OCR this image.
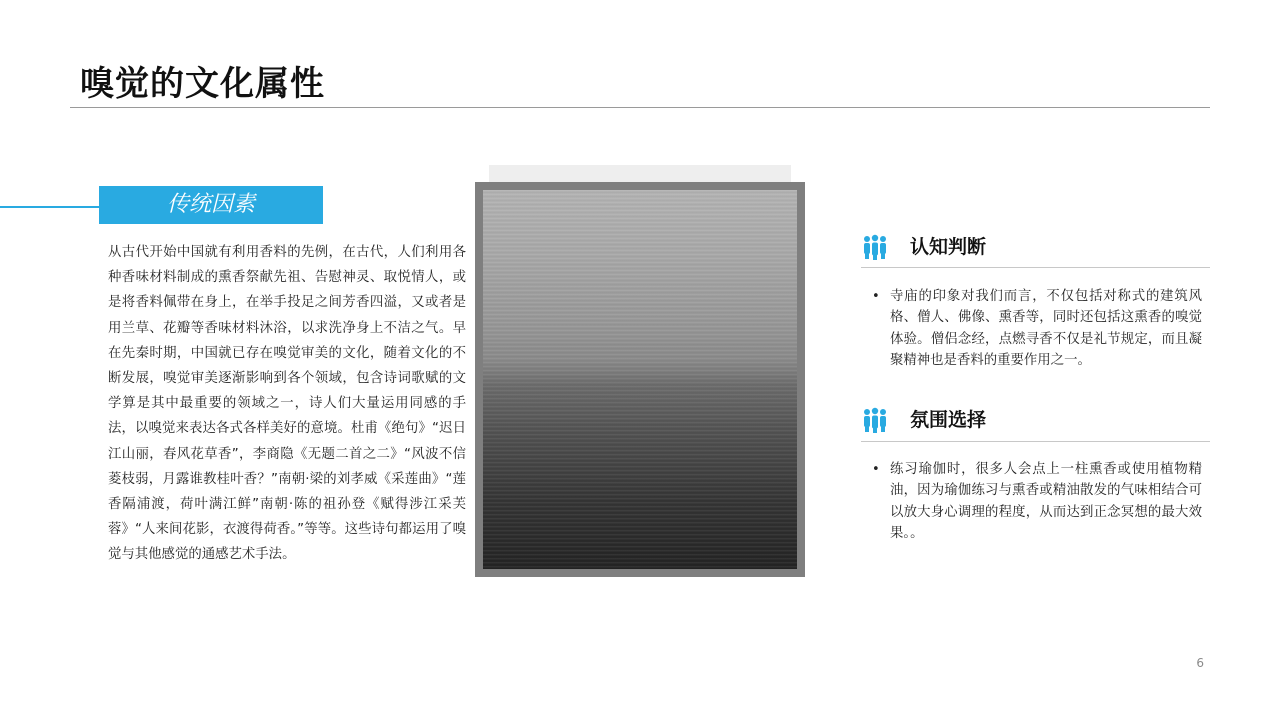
嗅觉的文化属性
传统因素

从古代开始中国就有利用香料的先例，在古代，人们利用各种香味材料制成的熏香祭献先祖、告慰神灵、取悦情人，或是将香料佩带在身上，在举手投足之间芳香四溢，又或者是用兰草、花瓣等香味材料沐浴，以求洗净身上不洁之气。早在先秦时期，中国就已存在嗅觉审美的文化，随着文化的不断发展，嗅觉审美逐渐影响到各个领域，包含诗词歌赋的文学算是其中最重要的领域之一，诗人们大量运用同感的手法，以嗅觉来表达各式各样美好的意境。杜甫《绝句》“迟日江山丽，春风花草香”，李商隐《无题二首之二》“风波不信菱枝弱，月露谁教桂叶香？”南朝·梁的刘孝威《采莲曲》“莲香隔浦渡，荷叶满江鲜”南朝·陈的祖孙登《赋得涉江采芙蓉》“人来间花影，衣渡得荷香。”等等。这些诗句都运用了嗅觉与其他感觉的通感艺术手法。

认知判断
• 寺庙的印象对我们而言，不仅包括对称式的建筑风格、僧人、佛像、熏香等，同时还包括这熏香的嗅觉体验。僧侣念经，点燃寻香不仅是礼节规定，而且凝聚精神也是香料的重要作用之一。

氛围选择
• 练习瑜伽时，很多人会点上一柱熏香或使用植物精油，因为瑜伽练习与熏香或精油散发的气味相结合可以放大身心调理的程度，从而达到正念冥想的最大效果。。

6
